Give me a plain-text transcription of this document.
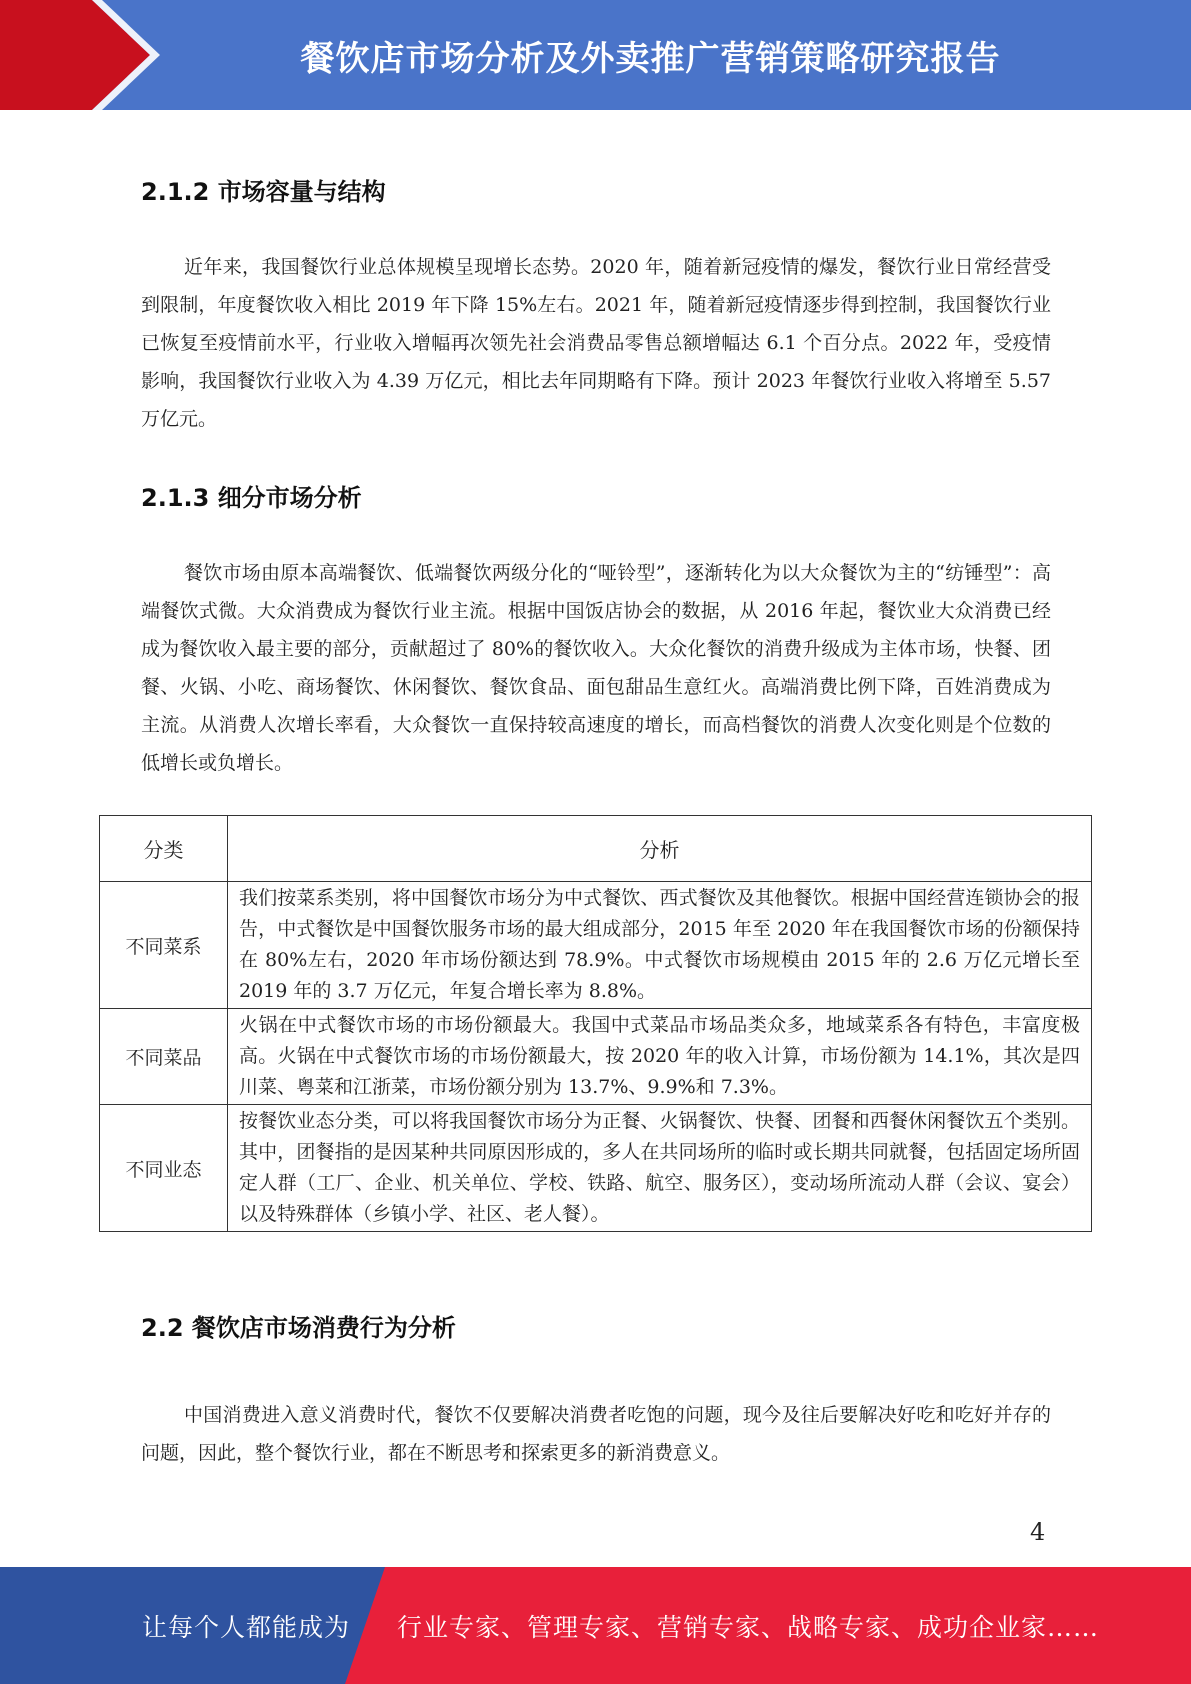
餐饮店市场分析及外卖推广营销策略研究报告
2.1.2 市场容量与结构
近年来，我国餐饮行业总体规模呈现增长态势。2020 年，随着新冠疫情的爆发，餐饮行业日常经营受到限制，年度餐饮收入相比 2019 年下降 15%左右。2021 年，随着新冠疫情逐步得到控制，我国餐饮行业已恢复至疫情前水平，行业收入增幅再次领先社会消费品零售总额增幅达 6.1 个百分点。2022 年，受疫情影响，我国餐饮行业收入为 4.39 万亿元，相比去年同期略有下降。预计 2023 年餐饮行业收入将增至 5.57 万亿元。
2.1.3 细分市场分析
餐饮市场由原本高端餐饮、低端餐饮两级分化的“哑铃型”，逐渐转化为以大众餐饮为主的“纺锤型”：高端餐饮式微。大众消费成为餐饮行业主流。根据中国饭店协会的数据，从 2016 年起，餐饮业大众消费已经成为餐饮收入最主要的部分，贡献超过了 80%的餐饮收入。大众化餐饮的消费升级成为主体市场，快餐、团餐、火锅、小吃、商场餐饮、休闲餐饮、餐饮食品、面包甜品生意红火。高端消费比例下降，百姓消费成为主流。从消费人次增长率看，大众餐饮一直保持较高速度的增长，而高档餐饮的消费人次变化则是个位数的低增长或负增长。
分类	分析
不同菜系	我们按菜系类别，将中国餐饮市场分为中式餐饮、西式餐饮及其他餐饮。根据中国经营连锁协会的报告，中式餐饮是中国餐饮服务市场的最大组成部分，2015 年至 2020 年在我国餐饮市场的份额保持在 80%左右，2020 年市场份额达到 78.9%。中式餐饮市场规模由 2015 年的 2.6 万亿元增长至 2019 年的 3.7 万亿元，年复合增长率为 8.8%。
不同菜品	火锅在中式餐饮市场的市场份额最大。我国中式菜品市场品类众多，地域菜系各有特色，丰富度极高。火锅在中式餐饮市场的市场份额最大，按 2020 年的收入计算，市场份额为 14.1%，其次是四川菜、粤菜和江浙菜，市场份额分别为 13.7%、9.9%和 7.3%。
不同业态	按餐饮业态分类，可以将我国餐饮市场分为正餐、火锅餐饮、快餐、团餐和西餐休闲餐饮五个类别。其中，团餐指的是因某种共同原因形成的，多人在共同场所的临时或长期共同就餐，包括固定场所固定人群（工厂、企业、机关单位、学校、铁路、航空、服务区），变动场所流动人群（会议、宴会）以及特殊群体（乡镇小学、社区、老人餐）。
2.2 餐饮店市场消费行为分析
中国消费进入意义消费时代，餐饮不仅要解决消费者吃饱的问题，现今及往后要解决好吃和吃好并存的问题，因此，整个餐饮行业，都在不断思考和探索更多的新消费意义。
4
让每个人都能成为 行业专家、管理专家、营销专家、战略专家、成功企业家……
